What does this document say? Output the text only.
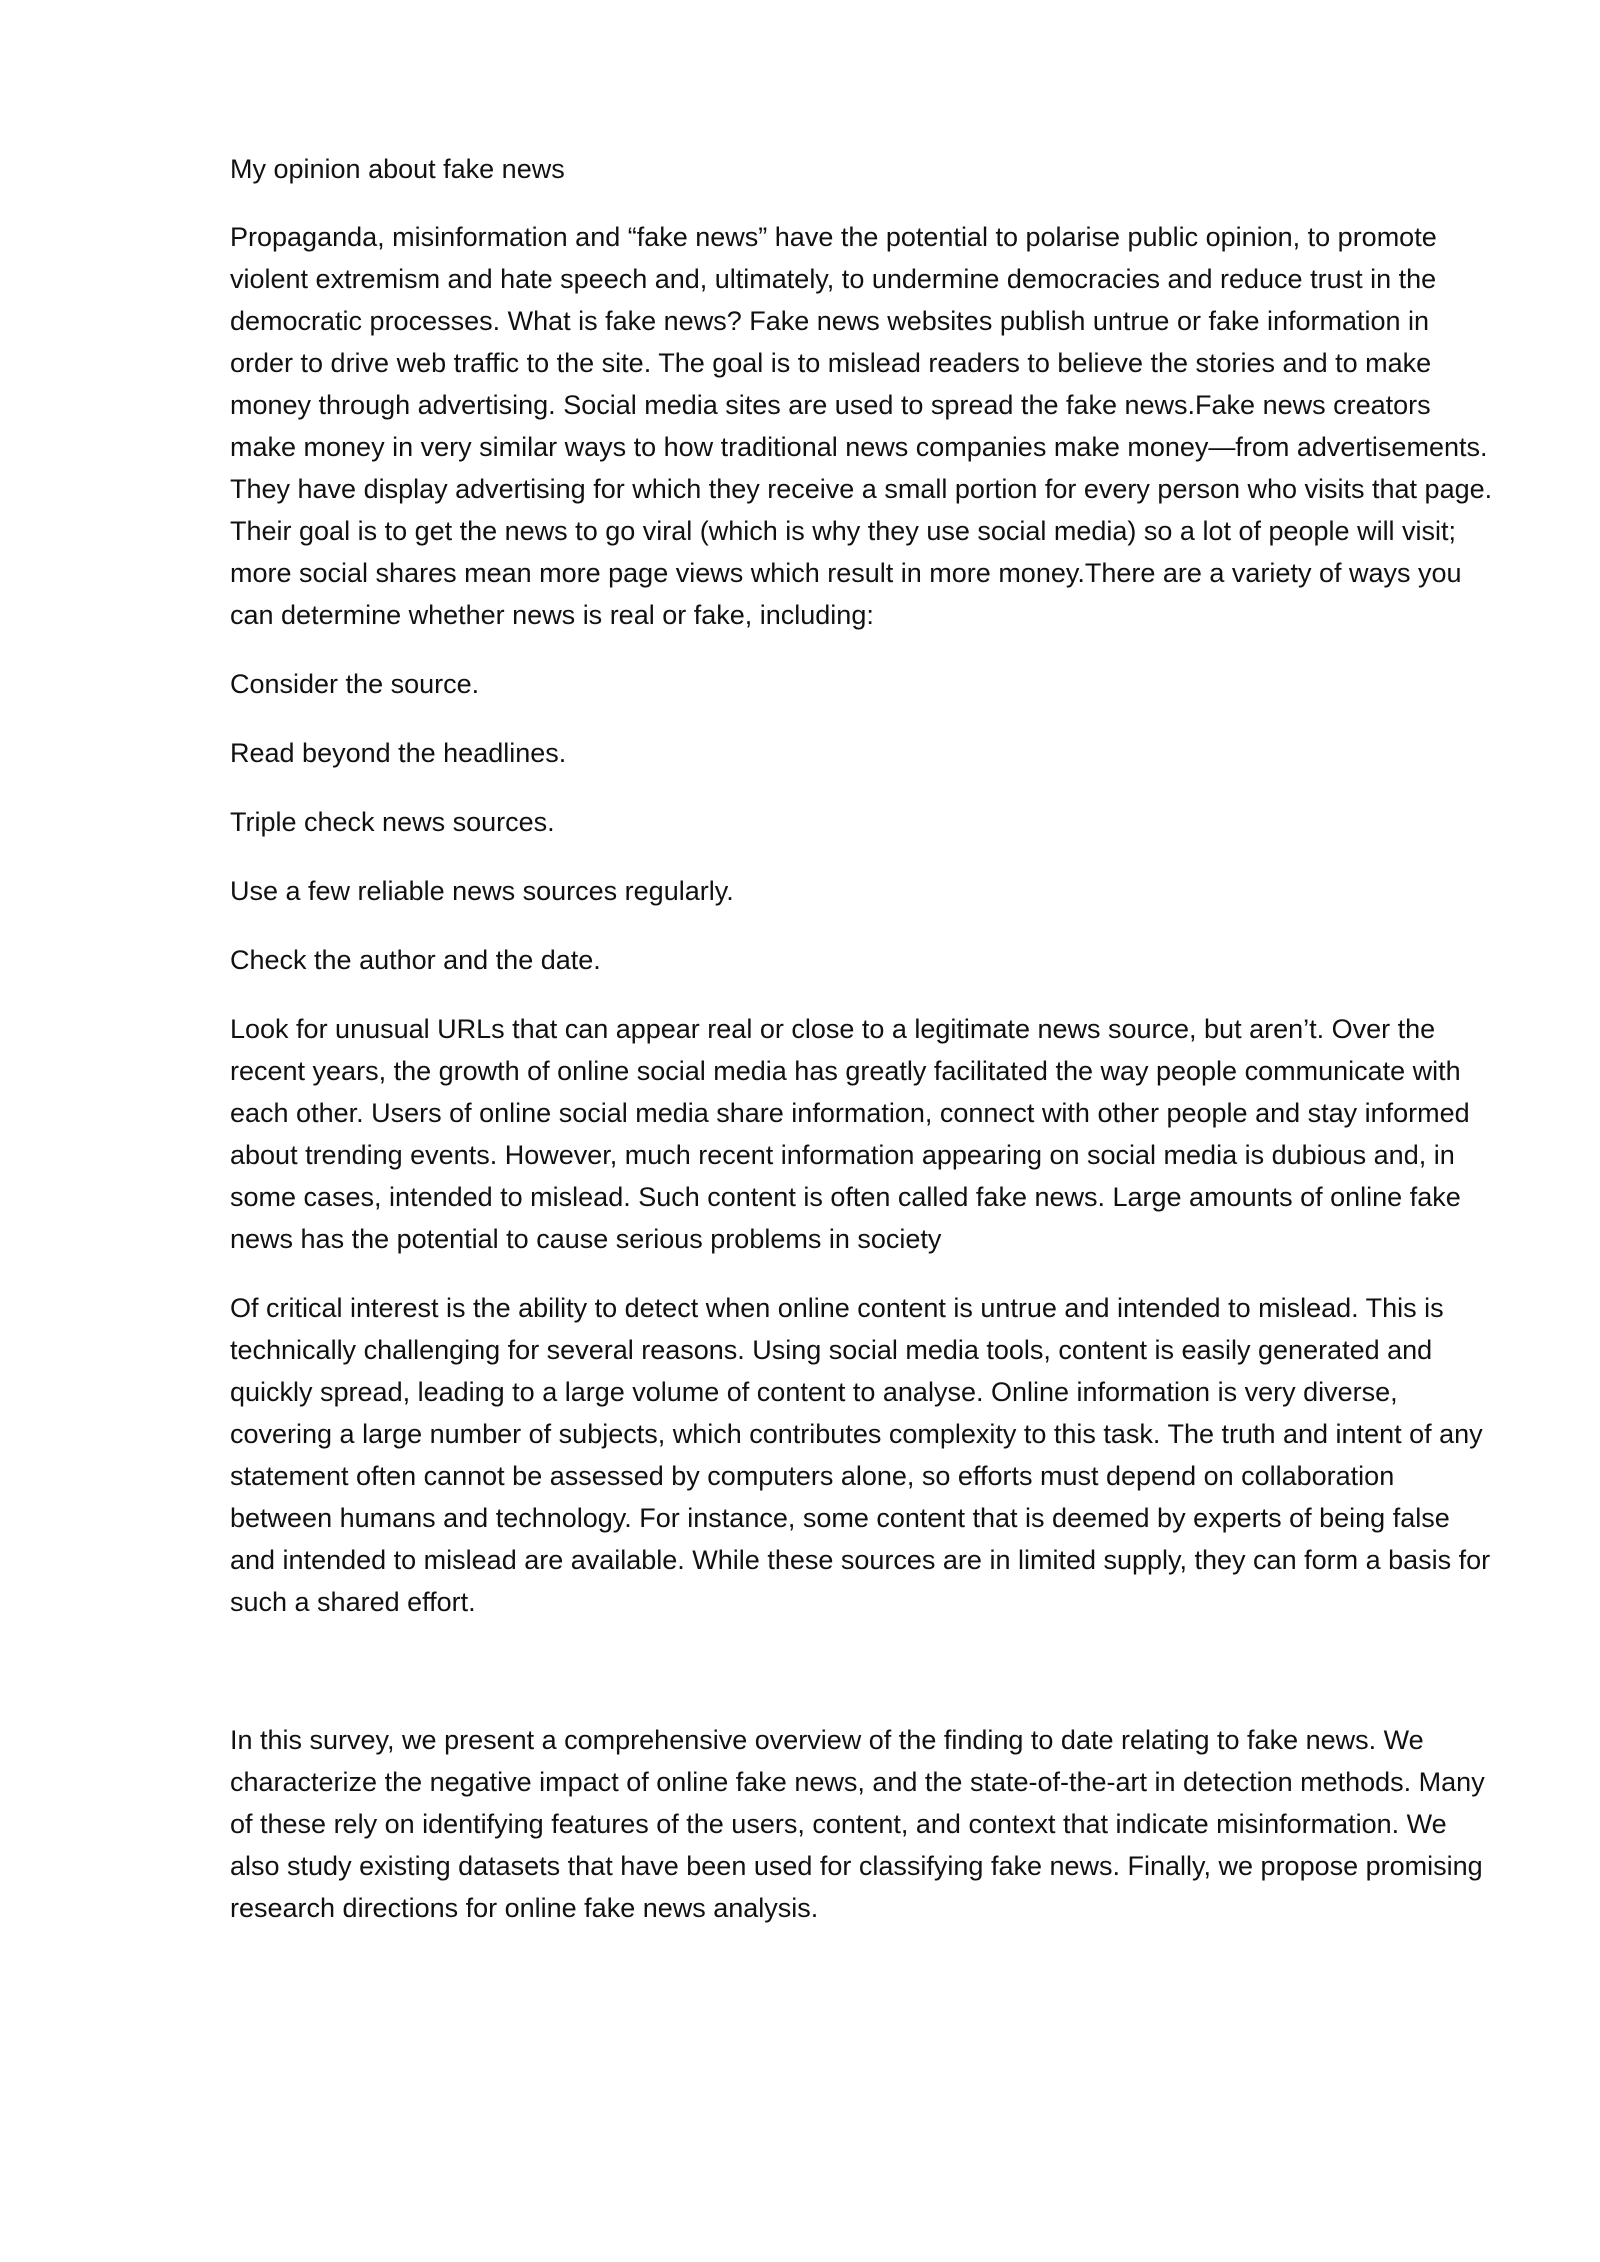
My opinion about fake news

Propaganda, misinformation and “fake news” have the potential to polarise public opinion, to promote violent extremism and hate speech and, ultimately, to undermine democracies and reduce trust in the democratic processes. What is fake news? Fake news websites publish untrue or fake information in order to drive web traffic to the site. The goal is to mislead readers to believe the stories and to make money through advertising. Social media sites are used to spread the fake news.Fake news creators make money in very similar ways to how traditional news companies make money—from advertisements. They have display advertising for which they receive a small portion for every person who visits that page. Their goal is to get the news to go viral (which is why they use social media) so a lot of people will visit; more social shares mean more page views which result in more money.There are a variety of ways you can determine whether news is real or fake, including:

Consider the source.

Read beyond the headlines.

Triple check news sources.

Use a few reliable news sources regularly.

Check the author and the date.

Look for unusual URLs that can appear real or close to a legitimate news source, but aren’t. Over the recent years, the growth of online social media has greatly facilitated the way people communicate with each other. Users of online social media share information, connect with other people and stay informed about trending events. However, much recent information appearing on social media is dubious and, in some cases, intended to mislead. Such content is often called fake news. Large amounts of online fake news has the potential to cause serious problems in society

Of critical interest is the ability to detect when online content is untrue and intended to mislead. This is technically challenging for several reasons. Using social media tools, content is easily generated and quickly spread, leading to a large volume of content to analyse. Online information is very diverse, covering a large number of subjects, which contributes complexity to this task. The truth and intent of any statement often cannot be assessed by computers alone, so efforts must depend on collaboration between humans and technology. For instance, some content that is deemed by experts of being false and intended to mislead are available. While these sources are in limited supply, they can form a basis for such a shared effort.

In this survey, we present a comprehensive overview of the finding to date relating to fake news. We characterize the negative impact of online fake news, and the state-of-the-art in detection methods. Many of these rely on identifying features of the users, content, and context that indicate misinformation. We also study existing datasets that have been used for classifying fake news. Finally, we propose promising research directions for online fake news analysis.
